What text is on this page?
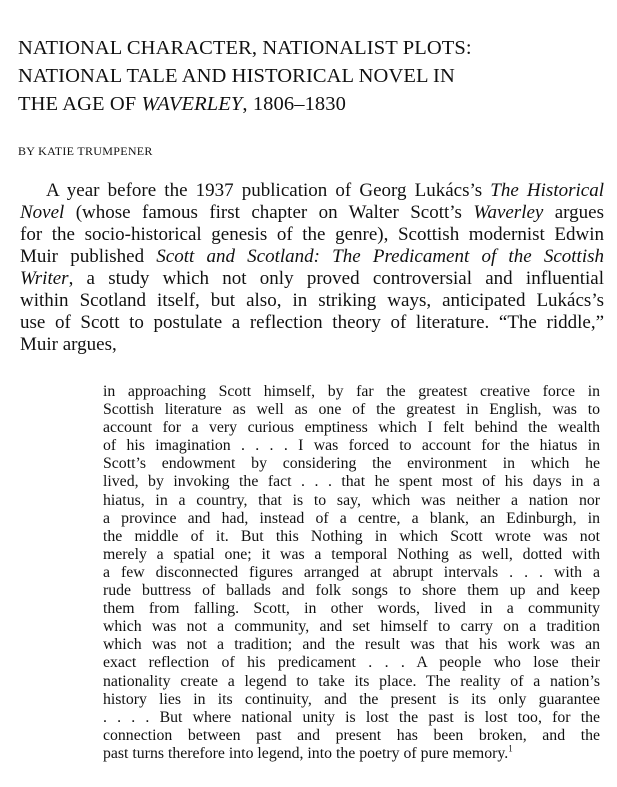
NATIONAL CHARACTER, NATIONALIST PLOTS:
NATIONAL TALE AND HISTORICAL NOVEL IN
THE AGE OF WAVERLEY, 1806–1830
BY KATIE TRUMPENER
A year before the 1937 publication of Georg Lukács’s The Historical
Novel (whose famous first chapter on Walter Scott’s Waverley argues
for the socio-historical genesis of the genre), Scottish modernist Edwin
Muir published Scott and Scotland: The Predicament of the Scottish
Writer, a study which not only proved controversial and influential
within Scotland itself, but also, in striking ways, anticipated Lukács’s
use of Scott to postulate a reflection theory of literature. “The riddle,”
Muir argues,
in approaching Scott himself, by far the greatest creative force in
Scottish literature as well as one of the greatest in English, was to
account for a very curious emptiness which I felt behind the wealth
of his imagination . . . . I was forced to account for the hiatus in
Scott’s endowment by considering the environment in which he
lived, by invoking the fact . . . that he spent most of his days in a
hiatus, in a country, that is to say, which was neither a nation nor
a province and had, instead of a centre, a blank, an Edinburgh, in
the middle of it. But this Nothing in which Scott wrote was not
merely a spatial one; it was a temporal Nothing as well, dotted with
a few disconnected figures arranged at abrupt intervals . . . with a
rude buttress of ballads and folk songs to shore them up and keep
them from falling. Scott, in other words, lived in a community
which was not a community, and set himself to carry on a tradition
which was not a tradition; and the result was that his work was an
exact reflection of his predicament . . . A people who lose their
nationality create a legend to take its place. The reality of a nation’s
history lies in its continuity, and the present is its only guarantee
. . . . But where national unity is lost the past is lost too, for the
connection between past and present has been broken, and the
past turns therefore into legend, into the poetry of pure memory.$^1$
